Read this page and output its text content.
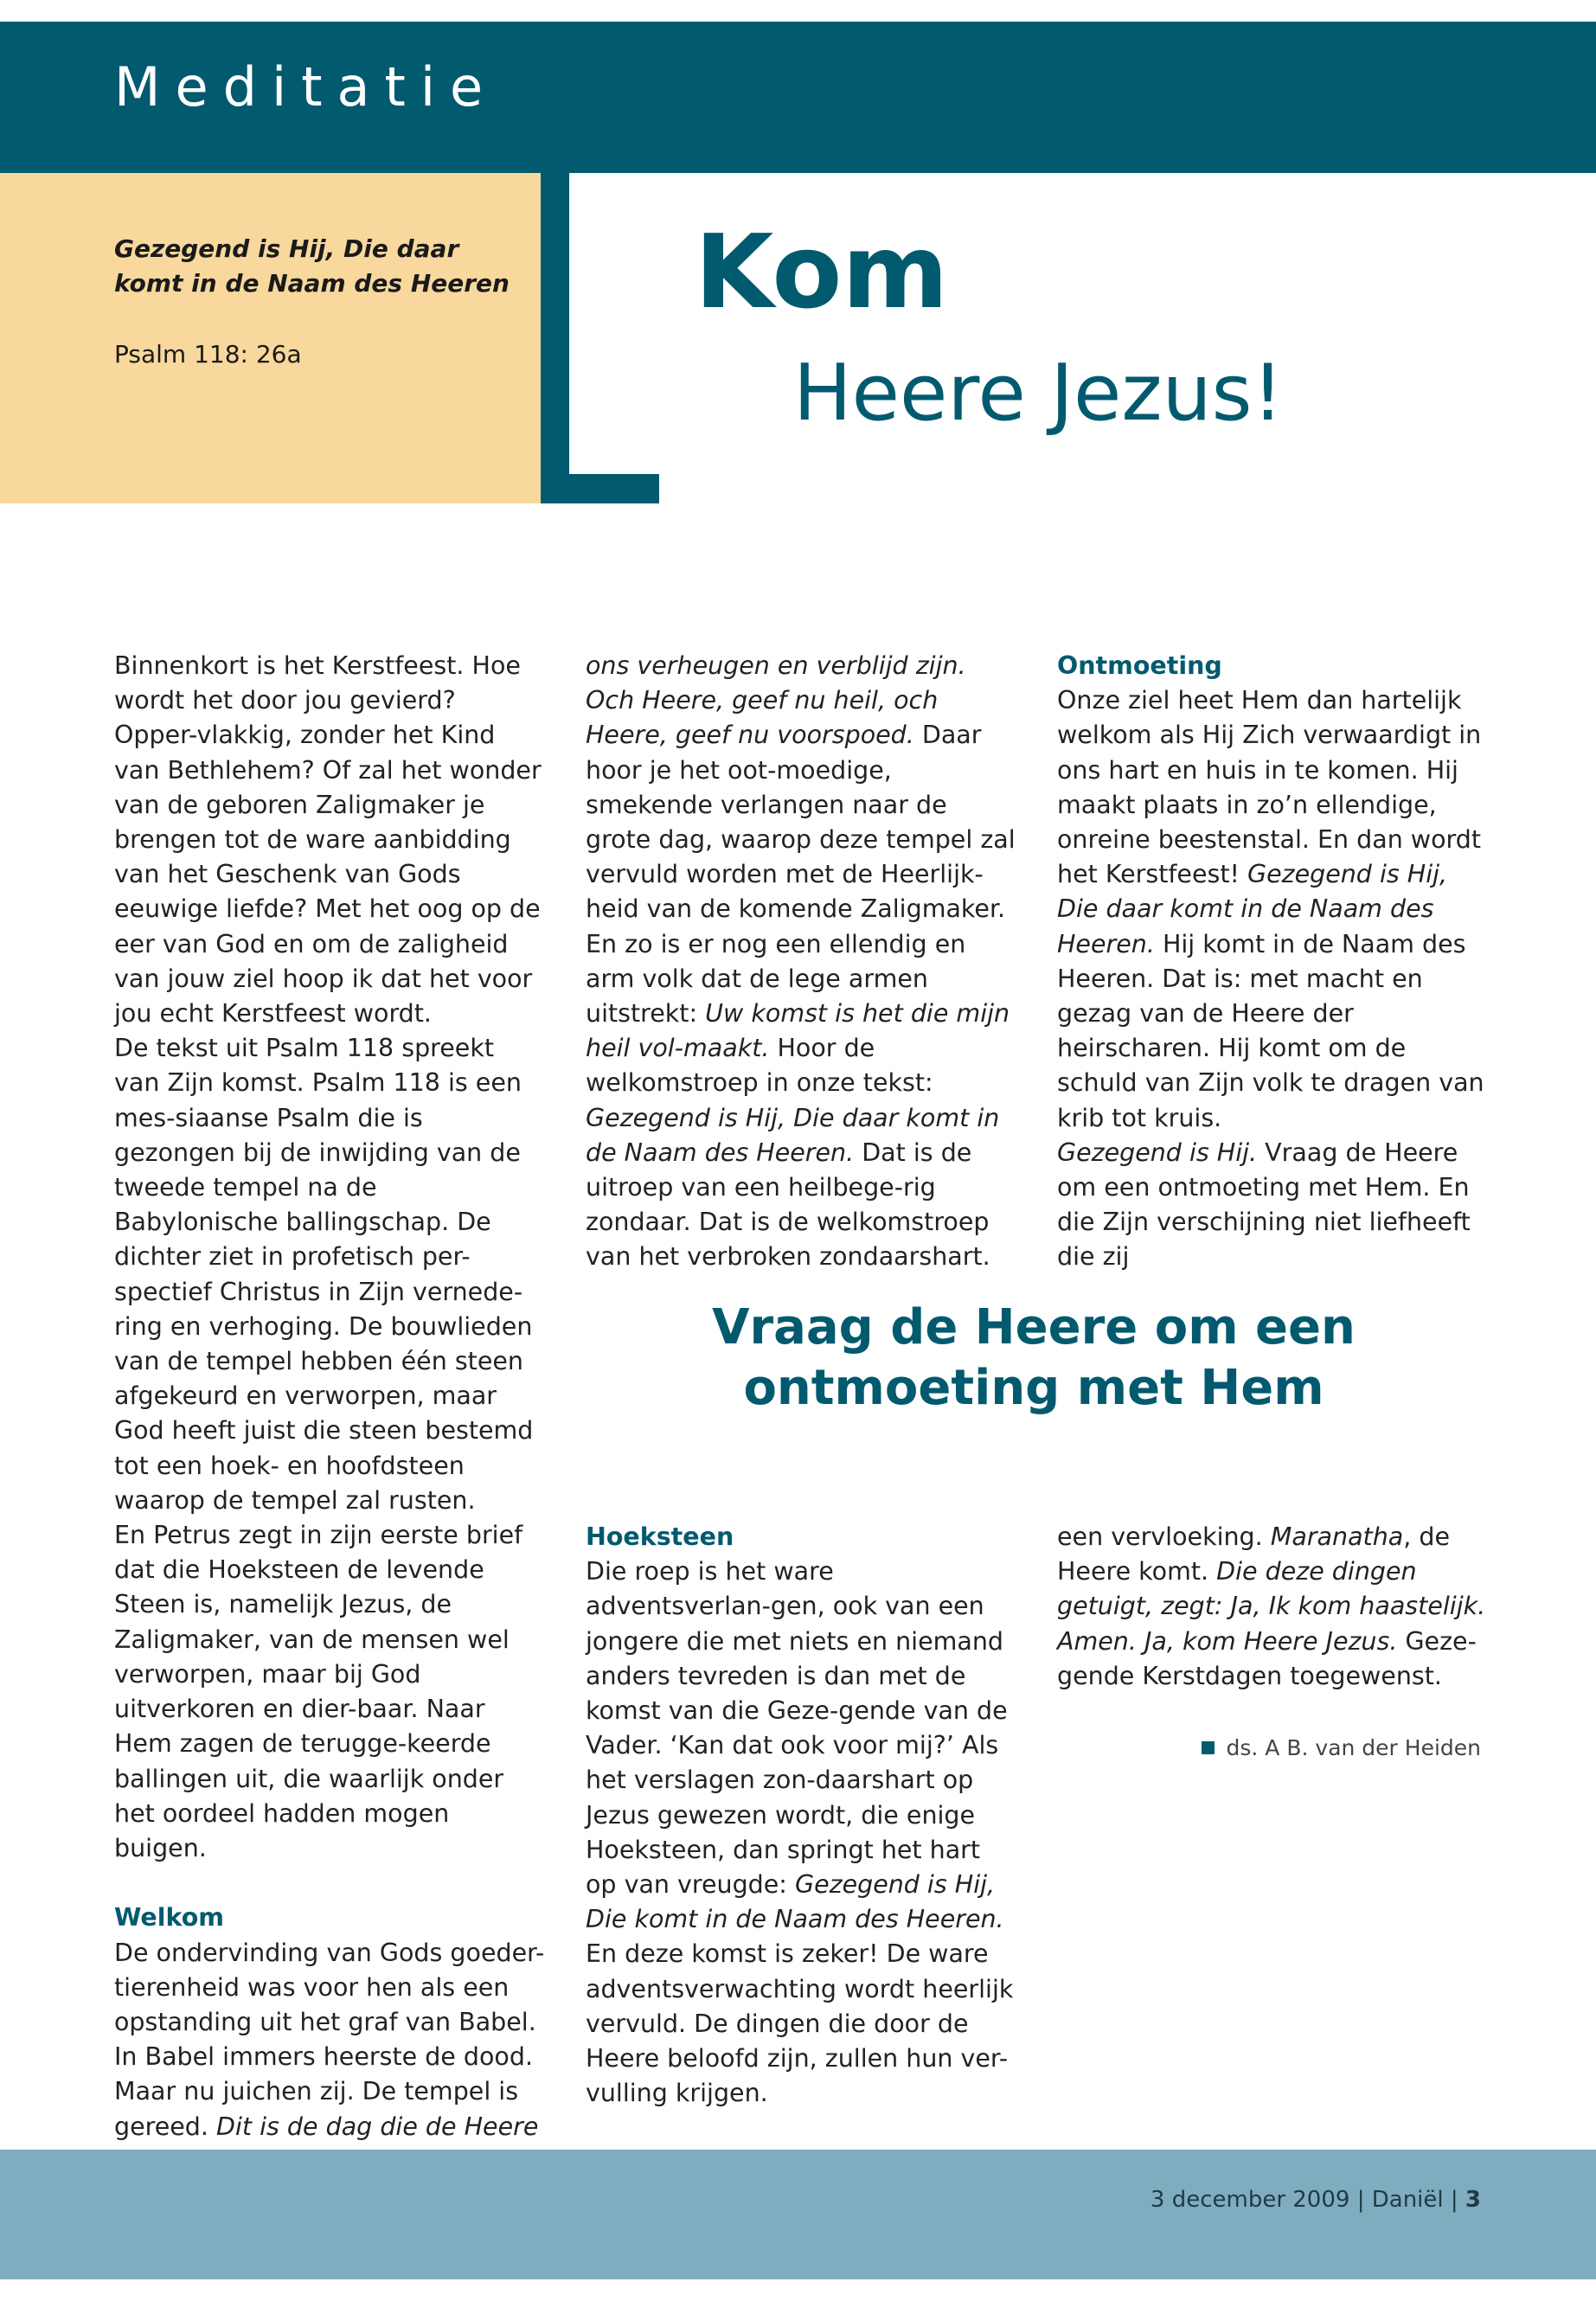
Meditatie
Gezegend is Hij, Die daar komt in de Naam des Heeren
Psalm 118: 26a
Kom
Heere Jezus!

Binnenkort is het Kerstfeest. Hoe wordt het door jou gevierd? Opper-vlakkig, zonder het Kind van Bethlehem? Of zal het wonder van de geboren Zaligmaker je brengen tot de ware aanbidding van het Geschenk van Gods eeuwige liefde? Met het oog op de eer van God en om de zaligheid van jouw ziel hoop ik dat het voor jou echt Kerstfeest wordt.

De tekst uit Psalm 118 spreekt van Zijn komst. Psalm 118 is een mes-siaanse Psalm die is gezongen bij de inwijding van de tweede tempel na de Babylonische ballingschap. De dichter ziet in profetisch per-spectief Christus in Zijn vernede-ring en verhoging. De bouwlieden van de tempel hebben één steen afgekeurd en verworpen, maar God heeft juist die steen bestemd tot een hoek- en hoofdsteen waarop de tempel zal rusten.

En Petrus zegt in zijn eerste brief dat die Hoeksteen de levende Steen is, namelijk Jezus, de Zaligmaker, van de mensen wel verworpen, maar bij God uitverkoren en dier-baar. Naar Hem zagen de terugge-keerde ballingen uit, die waarlijk onder het oordeel hadden mogen buigen.

Welkom

De ondervinding van Gods goeder-tierenheid was voor hen als een opstanding uit het graf van Babel. In Babel immers heerste de dood. Maar nu juichen zij. De tempel is gereed. Dit is de dag die de Heere

ons verheugen en verblijd zijn. Och Heere, geef nu heil, och Heere, geef nu voorspoed. Daar hoor je het oot-moedige, smekende verlangen naar de grote dag, waarop deze tempel zal vervuld worden met de Heerlijk-heid van de komende Zaligmaker. En zo is er nog een ellendig en arm volk dat de lege armen uitstrekt: Uw komst is het die mijn heil vol-maakt. Hoor de welkomstroep in onze tekst: Gezegend is Hij, Die daar komt in de Naam des Heeren. Dat is de uitroep van een heilbege-rig zondaar. Dat is de welkomstroep van het verbroken zondaarshart.

Ontmoeting

Onze ziel heet Hem dan hartelijk welkom als Hij Zich verwaardigt in ons hart en huis in te komen. Hij maakt plaats in zo’n ellendige, onreine beestenstal. En dan wordt het Kerstfeest! Gezegend is Hij, Die daar komt in de Naam des Heeren. Hij komt in de Naam des Heeren. Dat is: met macht en gezag van de Heere der heirscharen. Hij komt om de schuld van Zijn volk te dragen van krib tot kruis.

Gezegend is Hij. Vraag de Heere om een ontmoeting met Hem. En die Zijn verschijning niet liefheeft die zij

Vraag de Heere om een ontmoeting met Hem
Hoeksteen

Die roep is het ware adventsverlan-gen, ook van een jongere die met niets en niemand anders tevreden is dan met de komst van die Geze-gende van de Vader. ‘Kan dat ook voor mij?’ Als het verslagen zon-daarshart op Jezus gewezen wordt, die enige Hoeksteen, dan springt het hart op van vreugde: Gezegend is Hij, Die komt in de Naam des Heeren.

En deze komst is zeker! De ware adventsverwachting wordt heerlijk vervuld. De dingen die door de Heere beloofd zijn, zullen hun ver-vulling krijgen.

een vervloeking. Maranatha, de Heere komt. Die deze dingen getuigt, zegt: Ja, Ik kom haastelijk. Amen. Ja, kom Heere Jezus. Geze-gende Kerstdagen toegewenst.

ds. A B. van der Heiden
3 december 2009 | Daniël | 3
